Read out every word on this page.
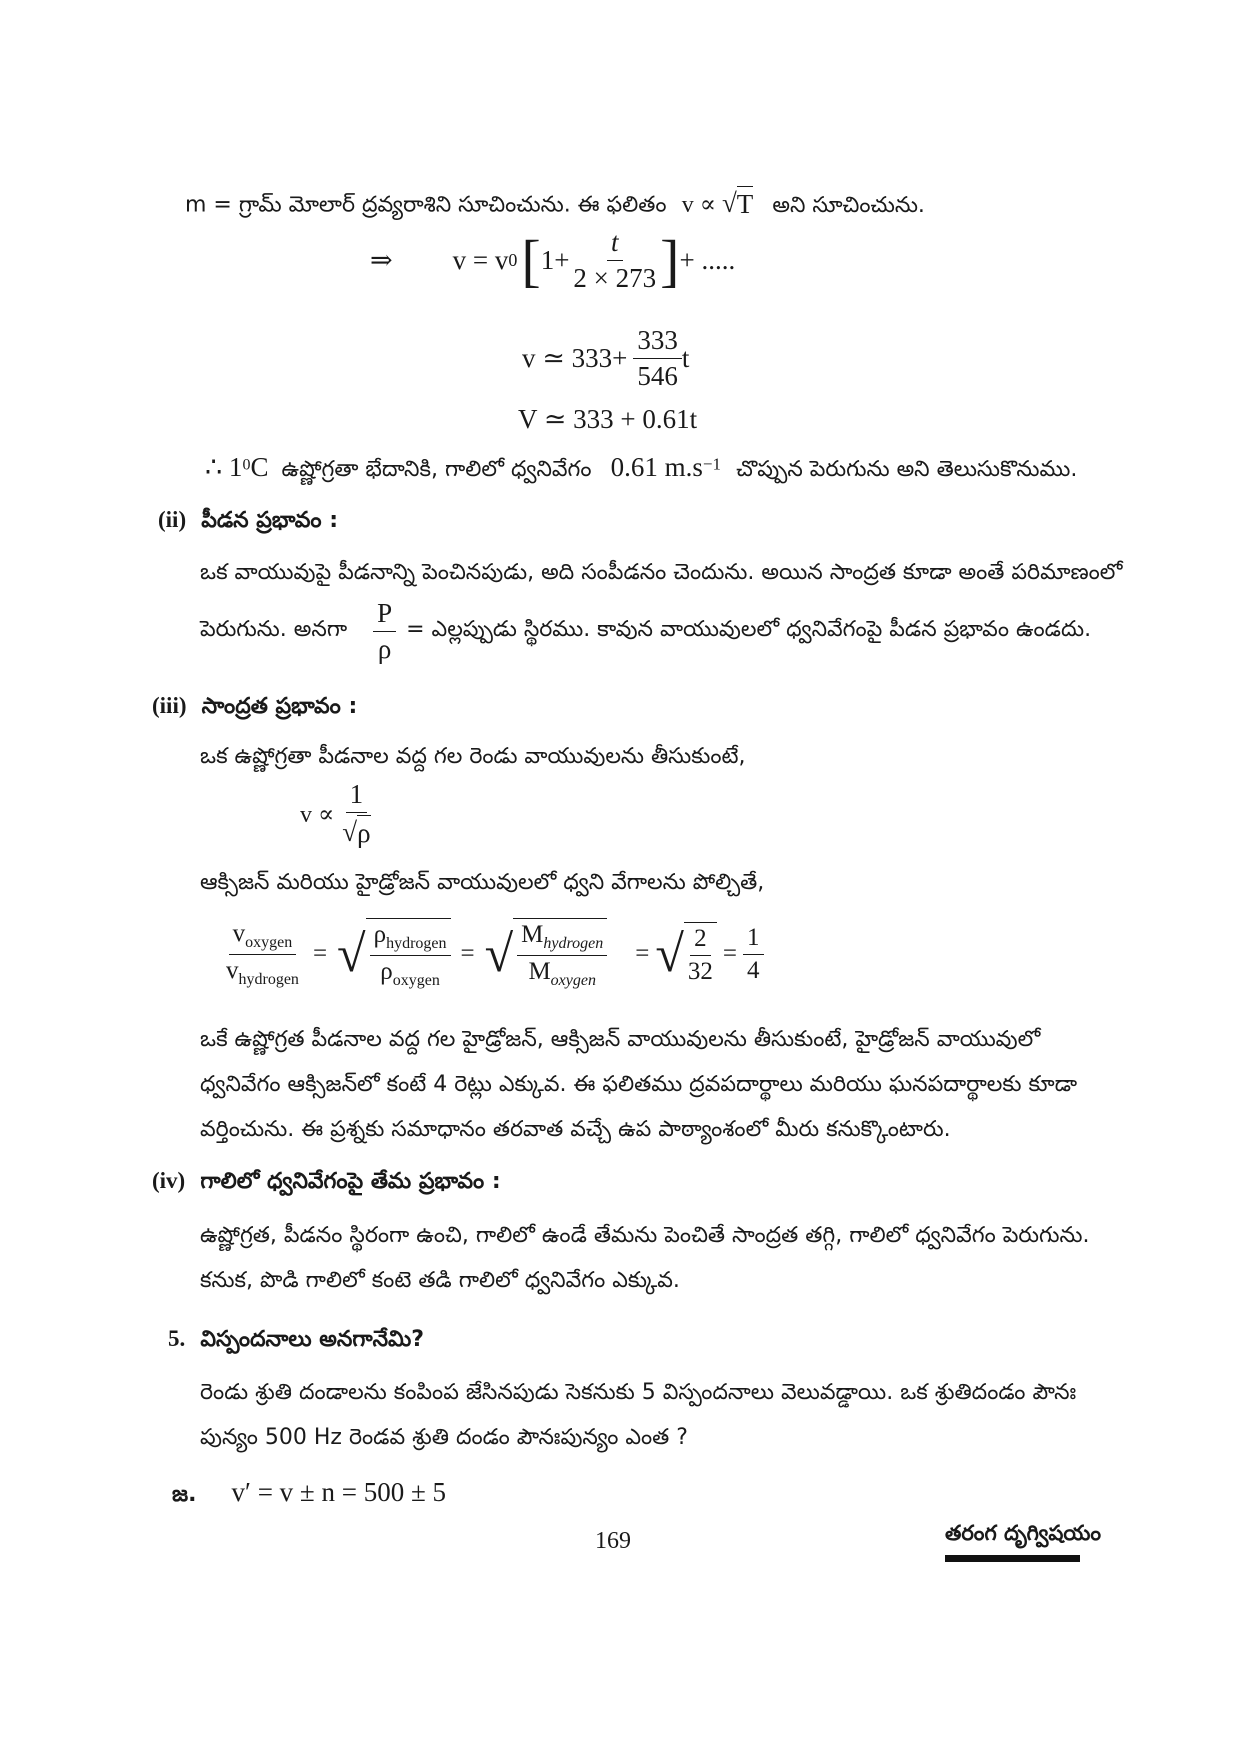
m = గ్రామ్ మోలార్ ద్రవ్యరాశిని సూచించును. ఈ ఫలితం v ∝ √ T అని సూచించును.
⇒ v = v 0 [ $1+ \frac{t}{2 \times 273}$ ] + .....
v ≃ $333+ \frac{333}{546}$ t
V ≃ 333 + 0.61t
∴ $1^0C$ ఉష్ణోగ్రతా భేదానికి, గాలిలో ధ్వనివేగం 0.61 $m.s^{-1}$ చొప్పున పెరుగును అని తెలుసుకొనుము.
(ii) పీడన ప్రభావం :
ఒక వాయువుపై పీడనాన్ని పెంచినపుడు, అది సంపీడనం చెందును. అయిన సాంద్రత కూడా అంతే పరిమాణంలో
పెరుగును. అనగా $\frac{P}{\rho}$ = ఎల్లప్పుడు స్థిరము. కావున వాయువులలో ధ్వనివేగంపై పీడన ప్రభావం ఉండదు.
(iii) సాంద్రత ప్రభావం :
ఒక ఉష్ణోగ్రతా పీడనాల వద్ద గల రెండు వాయువులను తీసుకుంటే,
$v \propto \frac{1}{√ \rho}$
ఆక్సిజన్ మరియు హైడ్రోజన్ వాయువులలో ధ్వని వేగాలను పోల్చితే,
$\frac{v_{oxygen}}{v_{hydrogen}}$ = √ $\frac{\rho_{hydrogen}}{\rho_{oxygen}}$ = √ $\frac{M_{hydrogen}}{M_{oxygen}}$ = √ $\frac{2}{32} = \frac{1}{4}$
ఒకే ఉష్ణోగ్రత పీడనాల వద్ద గల హైడ్రోజన్, ఆక్సిజన్ వాయువులను తీసుకుంటే, హైడ్రోజన్ వాయువులో
ధ్వనివేగం ఆక్సిజన్‌లో కంటే 4 రెట్లు ఎక్కువ. ఈ ఫలితము ద్రవపదార్థాలు మరియు ఘనపదార్థాలకు కూడా
వర్తించును. ఈ ప్రశ్నకు సమాధానం తరవాత వచ్చే ఉప పాఠ్యాంశంలో మీరు కనుక్కొంటారు.
(iv) గాలిలో ధ్వనివేగంపై తేమ ప్రభావం :
ఉష్ణోగ్రత, పీడనం స్థిరంగా ఉంచి, గాలిలో ఉండే తేమను పెంచితే సాంద్రత తగ్గి, గాలిలో ధ్వనివేగం పెరుగును.
కనుక, పొడి గాలిలో కంటె తడి గాలిలో ధ్వనివేగం ఎక్కువ.
5. విస్పందనాలు అనగానేమి?
రెండు శ్రుతి దండాలను కంపింప జేసినపుడు సెకనుకు 5 విస్పందనాలు వెలువడ్డాయి. ఒక శ్రుతిదండం పౌనః
పున్యం 500 Hz రెండవ శ్రుతి దండం పౌనఃపున్యం ఎంత ?
జ. v′ = v ± n = 500 ± 5
169	తరంగ దృగ్విషయం
